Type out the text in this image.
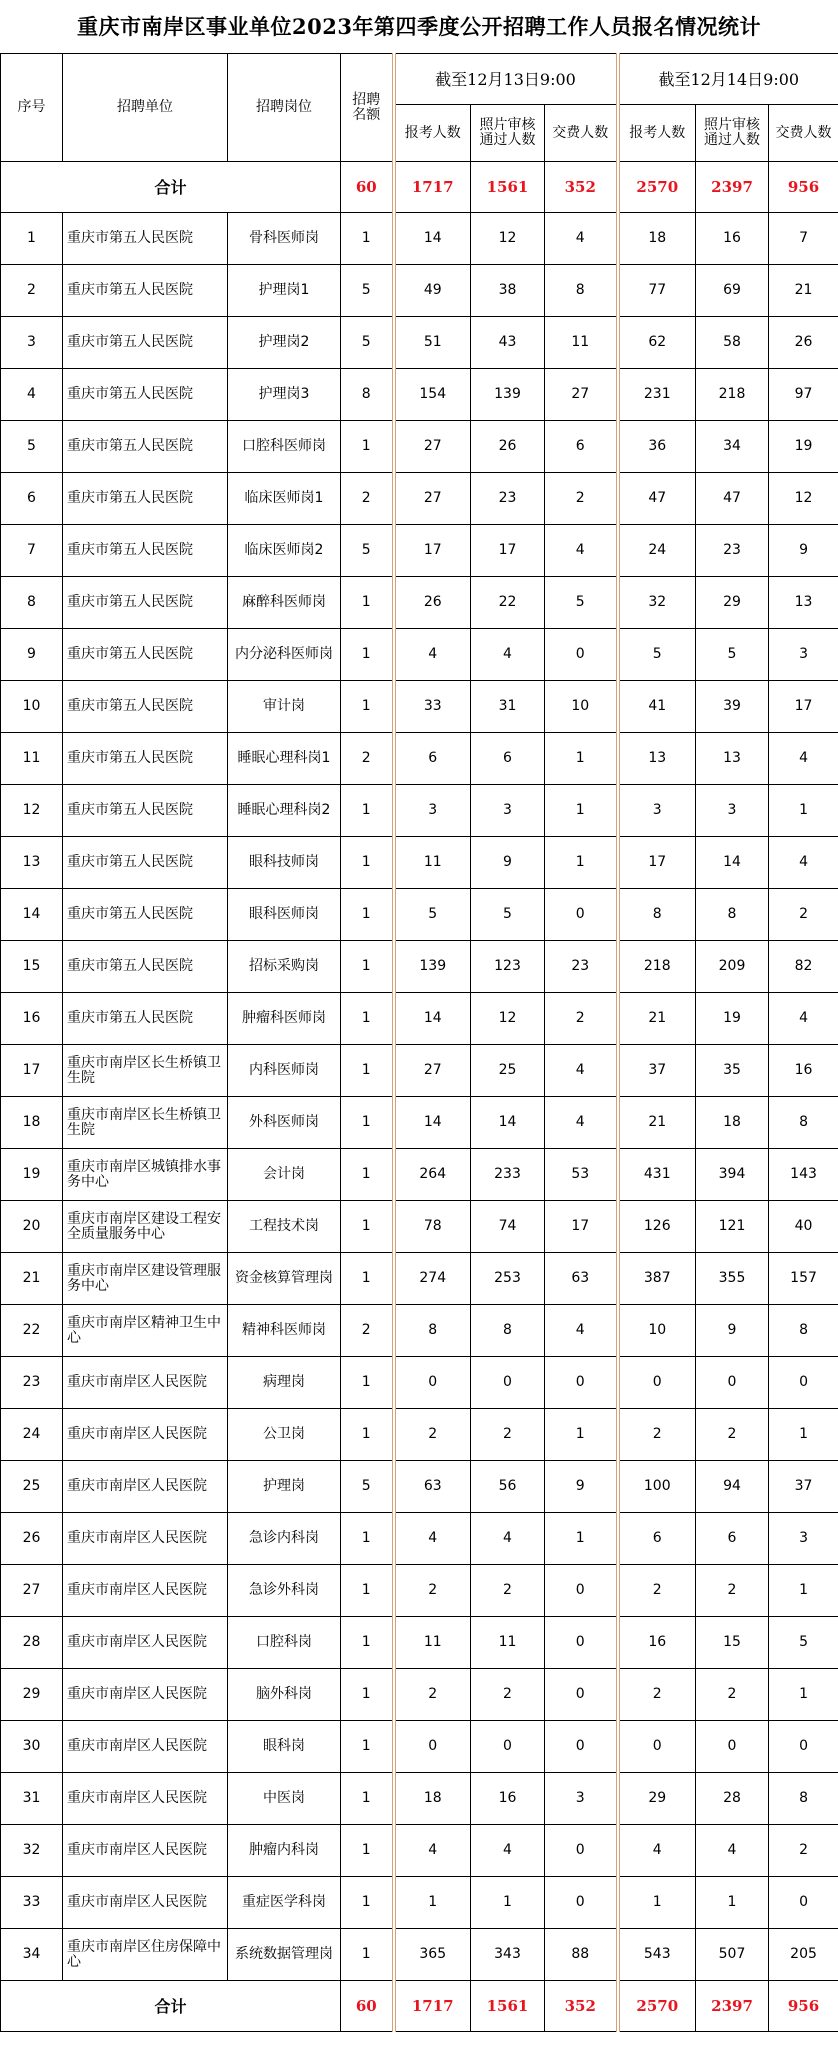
重庆市南岸区事业单位2023年第四季度公开招聘工作人员报名情况统计
序号	招聘单位	招聘岗位	招聘名额	截至12月13日9:00			截至12月14日9:00		
				报考人数	照片审核通过人数	交费人数	报考人数	照片审核通过人数	交费人数
合计			60	1717	1561	352	2570	2397	956
1	重庆市第五人民医院	骨科医师岗	1	14	12	4	18	16	7
2	重庆市第五人民医院	护理岗1	5	49	38	8	77	69	21
3	重庆市第五人民医院	护理岗2	5	51	43	11	62	58	26
4	重庆市第五人民医院	护理岗3	8	154	139	27	231	218	97
5	重庆市第五人民医院	口腔科医师岗	1	27	26	6	36	34	19
6	重庆市第五人民医院	临床医师岗1	2	27	23	2	47	47	12
7	重庆市第五人民医院	临床医师岗2	5	17	17	4	24	23	9
8	重庆市第五人民医院	麻醉科医师岗	1	26	22	5	32	29	13
9	重庆市第五人民医院	内分泌科医师岗	1	4	4	0	5	5	3
10	重庆市第五人民医院	审计岗	1	33	31	10	41	39	17
11	重庆市第五人民医院	睡眠心理科岗1	2	6	6	1	13	13	4
12	重庆市第五人民医院	睡眠心理科岗2	1	3	3	1	3	3	1
13	重庆市第五人民医院	眼科技师岗	1	11	9	1	17	14	4
14	重庆市第五人民医院	眼科医师岗	1	5	5	0	8	8	2
15	重庆市第五人民医院	招标采购岗	1	139	123	23	218	209	82
16	重庆市第五人民医院	肿瘤科医师岗	1	14	12	2	21	19	4
17	重庆市南岸区长生桥镇卫生院	内科医师岗	1	27	25	4	37	35	16
18	重庆市南岸区长生桥镇卫生院	外科医师岗	1	14	14	4	21	18	8
19	重庆市南岸区城镇排水事务中心	会计岗	1	264	233	53	431	394	143
20	重庆市南岸区建设工程安全质量服务中心	工程技术岗	1	78	74	17	126	121	40
21	重庆市南岸区建设管理服务中心	资金核算管理岗	1	274	253	63	387	355	157
22	重庆市南岸区精神卫生中心	精神科医师岗	2	8	8	4	10	9	8
23	重庆市南岸区人民医院	病理岗	1	0	0	0	0	0	0
24	重庆市南岸区人民医院	公卫岗	1	2	2	1	2	2	1
25	重庆市南岸区人民医院	护理岗	5	63	56	9	100	94	37
26	重庆市南岸区人民医院	急诊内科岗	1	4	4	1	6	6	3
27	重庆市南岸区人民医院	急诊外科岗	1	2	2	0	2	2	1
28	重庆市南岸区人民医院	口腔科岗	1	11	11	0	16	15	5
29	重庆市南岸区人民医院	脑外科岗	1	2	2	0	2	2	1
30	重庆市南岸区人民医院	眼科岗	1	0	0	0	0	0	0
31	重庆市南岸区人民医院	中医岗	1	18	16	3	29	28	8
32	重庆市南岸区人民医院	肿瘤内科岗	1	4	4	0	4	4	2
33	重庆市南岸区人民医院	重症医学科岗	1	1	1	0	1	1	0
34	重庆市南岸区住房保障中心	系统数据管理岗	1	365	343	88	543	507	205
合计			60	1717	1561	352	2570	2397	956
